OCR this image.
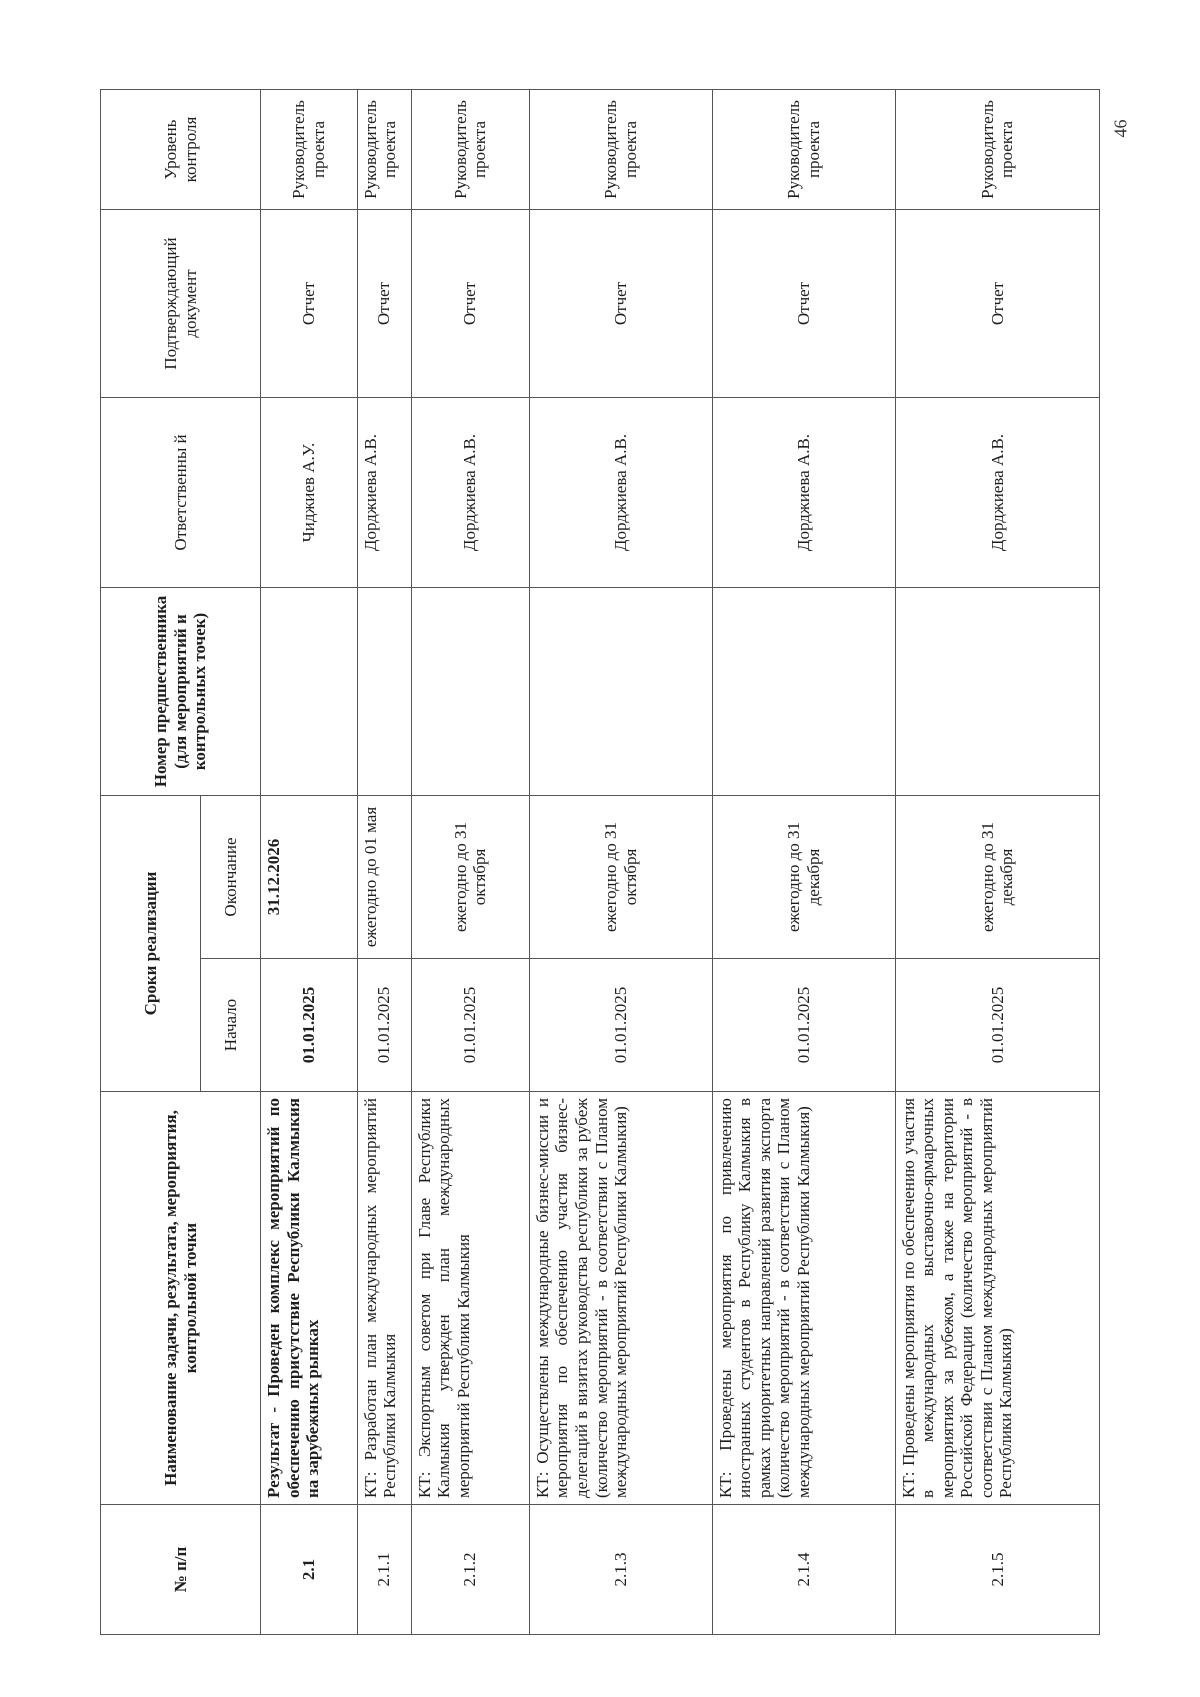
46
№ п/п	Наименование задачи, результата, мероприятия, контрольной точки	Сроки реализации		Номер предшественника (для мероприятий и контрольных точек)	Ответственны й	Подтверждающий документ	Уровень контроля
		Начало	Окончание				
2.1	Результат - Проведен комплекс мероприятий по обеспечению присутствие Республики Калмыкия на зарубежных рынках	01.01.2025	31.12.2026		Чиджиев А.У.	Отчет	Руководитель проекта
2.1.1	КТ: Разработан план международных мероприятий Республики Калмыкия	01.01.2025	ежегодно до 01 мая		Дорджиева А.В.	Отчет	Руководитель проекта
2.1.2	КТ: Экспортным советом при Главе Республики Калмыкия утвержден план международных мероприятий Республики Калмыкия	01.01.2025	ежегодно до 31 октября		Дорджиева А.В.	Отчет	Руководитель проекта
2.1.3	КТ: Осуществлены международные бизнес-миссии и мероприятия по обеспечению участия бизнес-делегаций в визитах руководства республики за рубеж (количество мероприятий - в соответствии с Планом международных мероприятий Республики Калмыкия)	01.01.2025	ежегодно до 31 октября		Дорджиева А.В.	Отчет	Руководитель проекта
2.1.4	КТ: Проведены мероприятия по привлечению иностранных студентов в Республику Калмыкия в рамках приоритетных направлений развития экспорта (количество мероприятий - в соответствии с Планом международных мероприятий Республики Калмыкия)	01.01.2025	ежегодно до 31 декабря		Дорджиева А.В.	Отчет	Руководитель проекта
2.1.5	КТ: Проведены мероприятия по обеспечению участия в международных выставочно-ярмарочных мероприятиях за рубежом, а также на территории Российской Федерации (количество мероприятий - в соответствии с Планом международных мероприятий Республики Калмыкия)	01.01.2025	ежегодно до 31 декабря		Дорджиева А.В.	Отчет	Руководитель проекта
